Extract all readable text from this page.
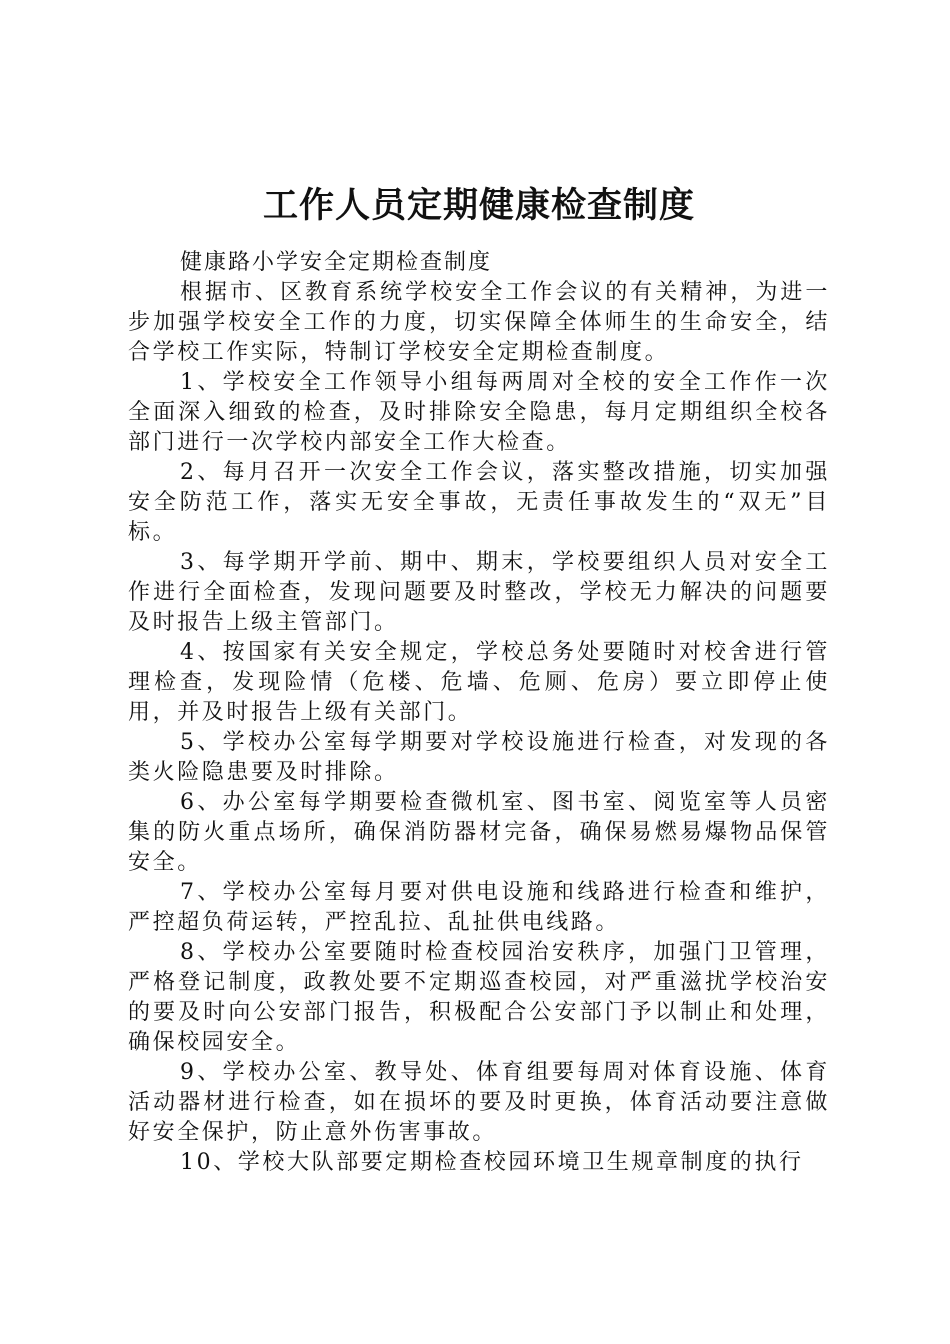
工作人员定期健康检查制度

健康路小学安全定期检查制度

根据市、区教育系统学校安全工作会议的有关精神，为进一步加强学校安全工作的力度，切实保障全体师生的生命安全，结合学校工作实际，特制订学校安全定期检查制度。

1、学校安全工作领导小组每两周对全校的安全工作作一次全面深入细致的检查，及时排除安全隐患，每月定期组织全校各部门进行一次学校内部安全工作大检查。

2、每月召开一次安全工作会议，落实整改措施，切实加强安全防范工作，落实无安全事故，无责任事故发生的“双无”目标。

3、每学期开学前、期中、期末，学校要组织人员对安全工作进行全面检查，发现问题要及时整改，学校无力解决的问题要及时报告上级主管部门。

4、按国家有关安全规定，学校总务处要随时对校舍进行管理检查，发现险情（危楼、危墙、危厕、危房）要立即停止使用，并及时报告上级有关部门。

5、学校办公室每学期要对学校设施进行检查，对发现的各类火险隐患要及时排除。

6、办公室每学期要检查微机室、图书室、阅览室等人员密集的防火重点场所，确保消防器材完备，确保易燃易爆物品保管安全。

7、学校办公室每月要对供电设施和线路进行检查和维护，严控超负荷运转，严控乱拉、乱扯供电线路。

8、学校办公室要随时检查校园治安秩序，加强门卫管理，严格登记制度，政教处要不定期巡查校园，对严重滋扰学校治安的要及时向公安部门报告，积极配合公安部门予以制止和处理，确保校园安全。

9、学校办公室、教导处、体育组要每周对体育设施、体育活动器材进行检查，如在损坏的要及时更换，体育活动要注意做好安全保护，防止意外伤害事故。

10、学校大队部要定期检查校园环境卫生规章制度的执行
